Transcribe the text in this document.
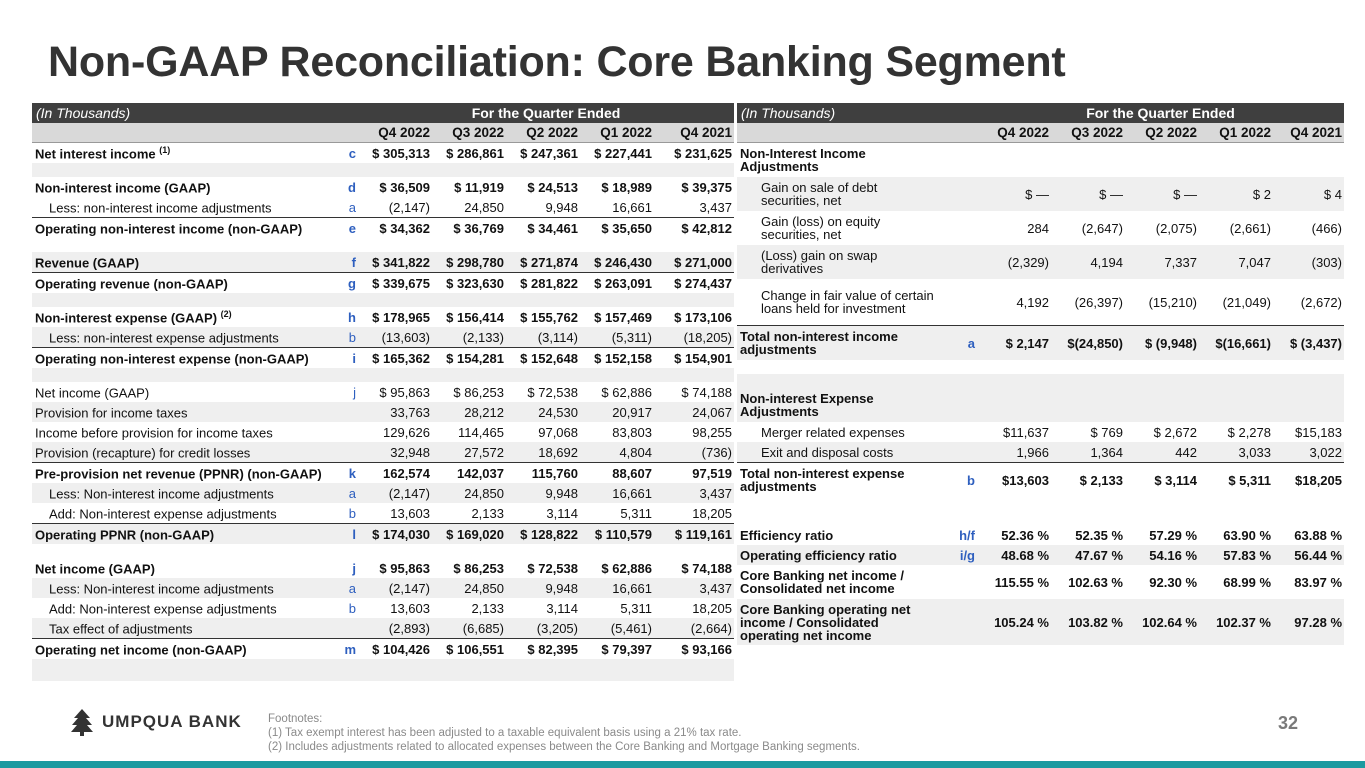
Non-GAAP Reconciliation: Core Banking Segment
(In Thousands)		For the Quarter Ended				
		Q4 2022	Q3 2022	Q2 2022	Q1 2022	Q4 2021
Net interest income $^{(1)}$	c	$ 305,313	$ 286,861	$ 247,361	$ 227,441	$ 231,625

Non-interest income (GAAP)	d	$ 36,509	$ 11,919	$ 24,513	$ 18,989	$ 39,375
Less: non-interest income adjustments	a	(2,147)	24,850	9,948	16,661	3,437
Operating non-interest income (non-GAAP)	e	$ 34,362	$ 36,769	$ 34,461	$ 35,650	$ 42,812

Revenue (GAAP)	f	$ 341,822	$ 298,780	$ 271,874	$ 246,430	$ 271,000
Operating revenue (non-GAAP)	g	$ 339,675	$ 323,630	$ 281,822	$ 263,091	$ 274,437

Non-interest expense (GAAP) $^{(2)}$	h	$ 178,965	$ 156,414	$ 155,762	$ 157,469	$ 173,106
Less: non-interest expense adjustments	b	(13,603)	(2,133)	(3,114)	(5,311)	(18,205)
Operating non-interest expense (non-GAAP)	i	$ 165,362	$ 154,281	$ 152,648	$ 152,158	$ 154,901

Net income (GAAP)	j	$ 95,863	$ 86,253	$ 72,538	$ 62,886	$ 74,188
Provision for income taxes		33,763	28,212	24,530	20,917	24,067
Income before provision for income taxes		129,626	114,465	97,068	83,803	98,255
Provision (recapture) for credit losses		32,948	27,572	18,692	4,804	(736)
Pre-provision net revenue (PPNR) (non-GAAP)	k	162,574	142,037	115,760	88,607	97,519
Less: Non-interest income adjustments	a	(2,147)	24,850	9,948	16,661	3,437
Add: Non-interest expense adjustments	b	13,603	2,133	3,114	5,311	18,205
Operating PPNR (non-GAAP)	l	$ 174,030	$ 169,020	$ 128,822	$ 110,579	$ 119,161

Net income (GAAP)	j	$ 95,863	$ 86,253	$ 72,538	$ 62,886	$ 74,188
Less: Non-interest income adjustments	a	(2,147)	24,850	9,948	16,661	3,437
Add: Non-interest expense adjustments	b	13,603	2,133	3,114	5,311	18,205
Tax effect of adjustments		(2,893)	(6,685)	(3,205)	(5,461)	(2,664)
Operating net income (non-GAAP)	m	$ 104,426	$ 106,551	$ 82,395	$ 79,397	$ 93,166
(In Thousands)		For the Quarter Ended				
		Q4 2022	Q3 2022	Q2 2022	Q1 2022	Q4 2021
Non-Interest Income Adjustments						
Gain on sale of debt securities, net		$ —	$ —	$ —	$ 2	$ 4
Gain (loss) on equity securities, net		284	(2,647)	(2,075)	(2,661)	(466)
(Loss) gain on swap derivatives		(2,329)	4,194	7,337	7,047	(303)
Change in fair value of certain loans held for investment		4,192	(26,397)	(15,210)	(21,049)	(2,672)
Total non-interest income adjustments	a	$ 2,147	$(24,850)	$ (9,948)	$(16,661)	$ (3,437)

Non-interest Expense Adjustments						
Merger related expenses		$11,637	$ 769	$ 2,672	$ 2,278	$15,183
Exit and disposal costs		1,966	1,364	442	3,033	3,022
Total non-interest expense adjustments	b	$13,603	$ 2,133	$ 3,114	$ 5,311	$18,205

Efficiency ratio	h/f	52.36 %	52.35 %	57.29 %	63.90 %	63.88 %
Operating efficiency ratio	i/g	48.68 %	47.67 %	54.16 %	57.83 %	56.44 %
Core Banking net income / Consolidated net income		115.55 %	102.63 %	92.30 %	68.99 %	83.97 %
Core Banking operating net income / Consolidated operating net income		105.24 %	103.82 %	102.64 %	102.37 %	97.28 %
UMPQUA BANK Footnotes:
(1) Tax exempt interest has been adjusted to a taxable equivalent basis using a 21% tax rate.
(2) Includes adjustments related to allocated expenses between the Core Banking and Mortgage Banking segments.
32
